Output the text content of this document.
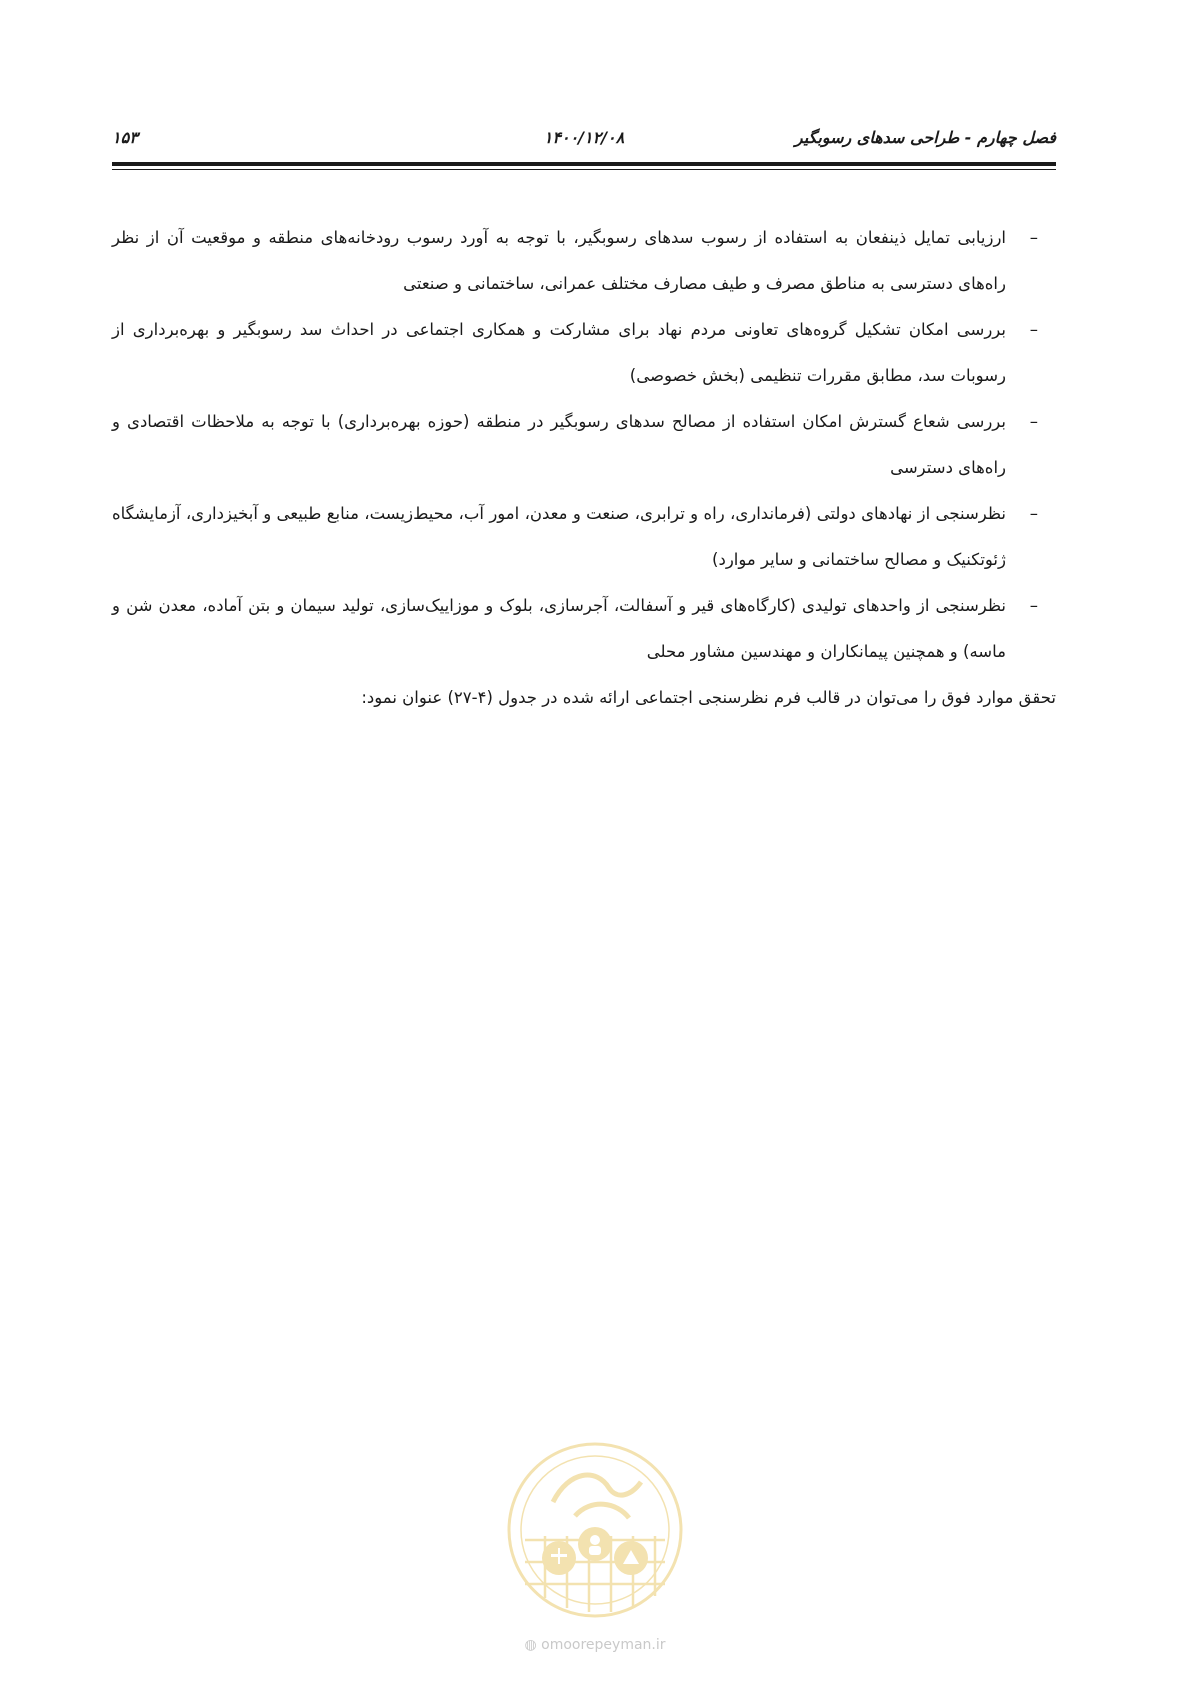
فصل چهارم - طراحی سدهای رسوبگیر
۱۴۰۰/۱۲/۰۸
۱۵۳
–
ارزیابی تمایل ذینفعان به استفاده از رسوب سدهای رسوبگیر، با توجه به آورد رسوب رودخانه‌های منطقه و موقعیت آن از نظر راه‌های دسترسی به مناطق مصرف و طیف مصارف مختلف عمرانی، ساختمانی و صنعتی
–
بررسی امکان تشکیل گروه‌های تعاونی مردم نهاد برای مشارکت و همکاری اجتماعی در احداث سد رسوبگیر و بهره‌برداری از رسوبات سد، مطابق مقررات تنظیمی (بخش خصوصی)
–
بررسی شعاع گسترش امکان استفاده از مصالح سدهای رسوبگیر در منطقه (حوزه بهره‌برداری) با توجه به ملاحظات اقتصادی و راه‌های دسترسی
–
نظرسنجی از نهادهای دولتی (فرمانداری، راه و ترابری، صنعت و معدن، امور آب، محیط‌زیست، منابع طبیعی و آبخیزداری، آزمایشگاه ژئوتکنیک و مصالح ساختمانی و سایر موارد)
–
نظرسنجی از واحدهای تولیدی (کارگاه‌های قیر و آسفالت، آجرسازی، بلوک و موزاییک‌سازی، تولید سیمان و بتن آماده، معدن شن و ماسه) و همچنین پیمانکاران و مهندسین مشاور محلی

تحقق موارد فوق را می‌توان در قالب فرم نظرسنجی اجتماعی ارائه شده در جدول (۴-۲۷) عنوان نمود:

◍ omoorepeyman.ir
